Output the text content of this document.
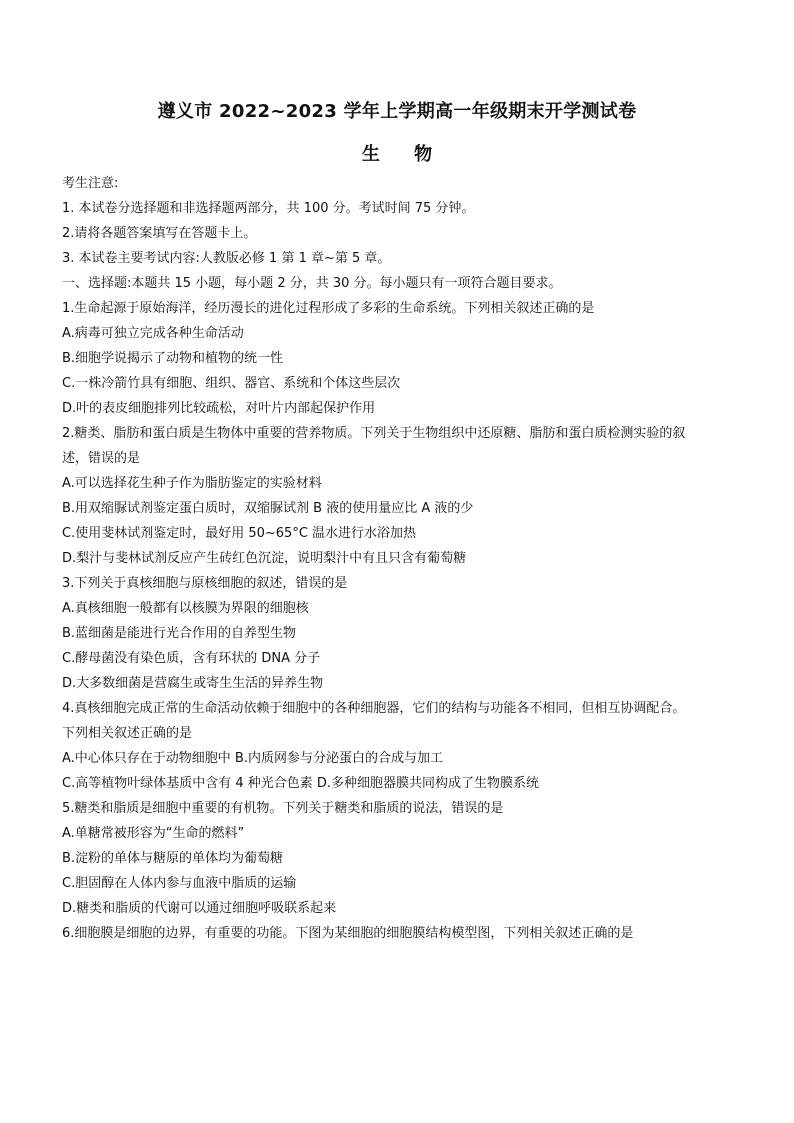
遵义市 2022~2023 学年上学期高一年级期末开学测试卷
生 物
考生注意:
1. 本试卷分选择题和非选择题两部分，共 100 分。考试时间 75 分钟。
2.请将各题答案填写在答题卡上。
3. 本试卷主要考试内容:人教版必修 1 第 1 章~第 5 章。
一、选择题:本题共 15 小题，每小题 2 分，共 30 分。每小题只有一项符合题目要求。
1.生命起源于原始海洋，经历漫长的进化过程形成了多彩的生命系统。下列相关叙述正确的是
A.病毒可独立完成各种生命活动
B.细胞学说揭示了动物和植物的统一性
C.一株冷箭竹具有细胞、组织、器官、系统和个体这些层次
D.叶的表皮细胞排列比较疏松，对叶片内部起保护作用
2.糖类、脂肪和蛋白质是生物体中重要的营养物质。下列关于生物组织中还原糖、脂肪和蛋白质检测实验的叙
述，错误的是
A.可以选择花生种子作为脂肪鉴定的实验材料
B.用双缩脲试剂鉴定蛋白质时，双缩脲试剂 B 液的使用量应比 A 液的少
C.使用斐林试剂鉴定时，最好用 50~65°C 温水进行水浴加热
D.梨汁与斐林试剂反应产生砖红色沉淀，说明梨汁中有且只含有葡萄糖
3.下列关于真核细胞与原核细胞的叙述，错误的是
A.真核细胞一般都有以核膜为界限的细胞核
B.蓝细菌是能进行光合作用的自养型生物
C.酵母菌没有染色质，含有环状的 DNA 分子
D.大多数细菌是营腐生或寄生生活的异养生物
4.真核细胞完成正常的生命活动依赖于细胞中的各种细胞器，它们的结构与功能各不相同，但相互协调配合。
下列相关叙述正确的是
A.中心体只存在于动物细胞中 B.内质网参与分泌蛋白的合成与加工
C.高等植物叶绿体基质中含有 4 种光合色素 D.多种细胞器膜共同构成了生物膜系统
5.糖类和脂质是细胞中重要的有机物。下列关于糖类和脂质的说法，错误的是
A.单糖常被形容为“生命的燃料”
B.淀粉的单体与糖原的单体均为葡萄糖
C.胆固醇在人体内参与血液中脂质的运输
D.糖类和脂质的代谢可以通过细胞呼吸联系起来
6.细胞膜是细胞的边界，有重要的功能。下图为某细胞的细胞膜结构模型图，下列相关叙述正确的是
